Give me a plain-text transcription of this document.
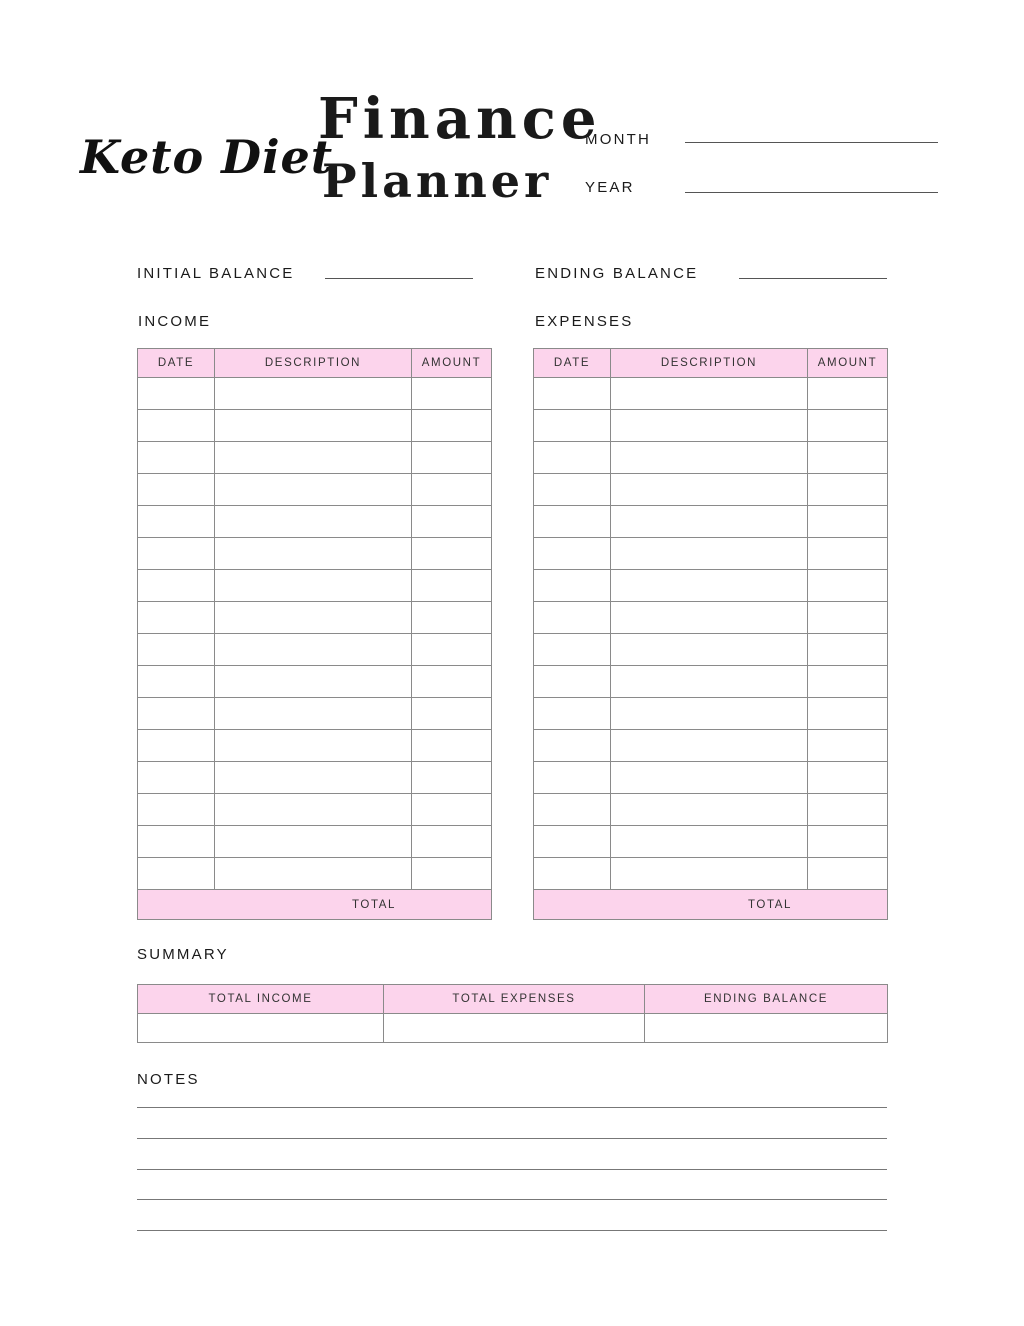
Keto Diet
Finance
Planner
MONTH
YEAR
INITIAL BALANCE	ENDING BALANCE
INCOME	EXPENSES
DATE	DESCRIPTION	AMOUNT

TOTAL		
DATE	DESCRIPTION	AMOUNT

TOTAL		
SUMMARY
TOTAL INCOME	TOTAL EXPENSES	ENDING BALANCE

NOTES
